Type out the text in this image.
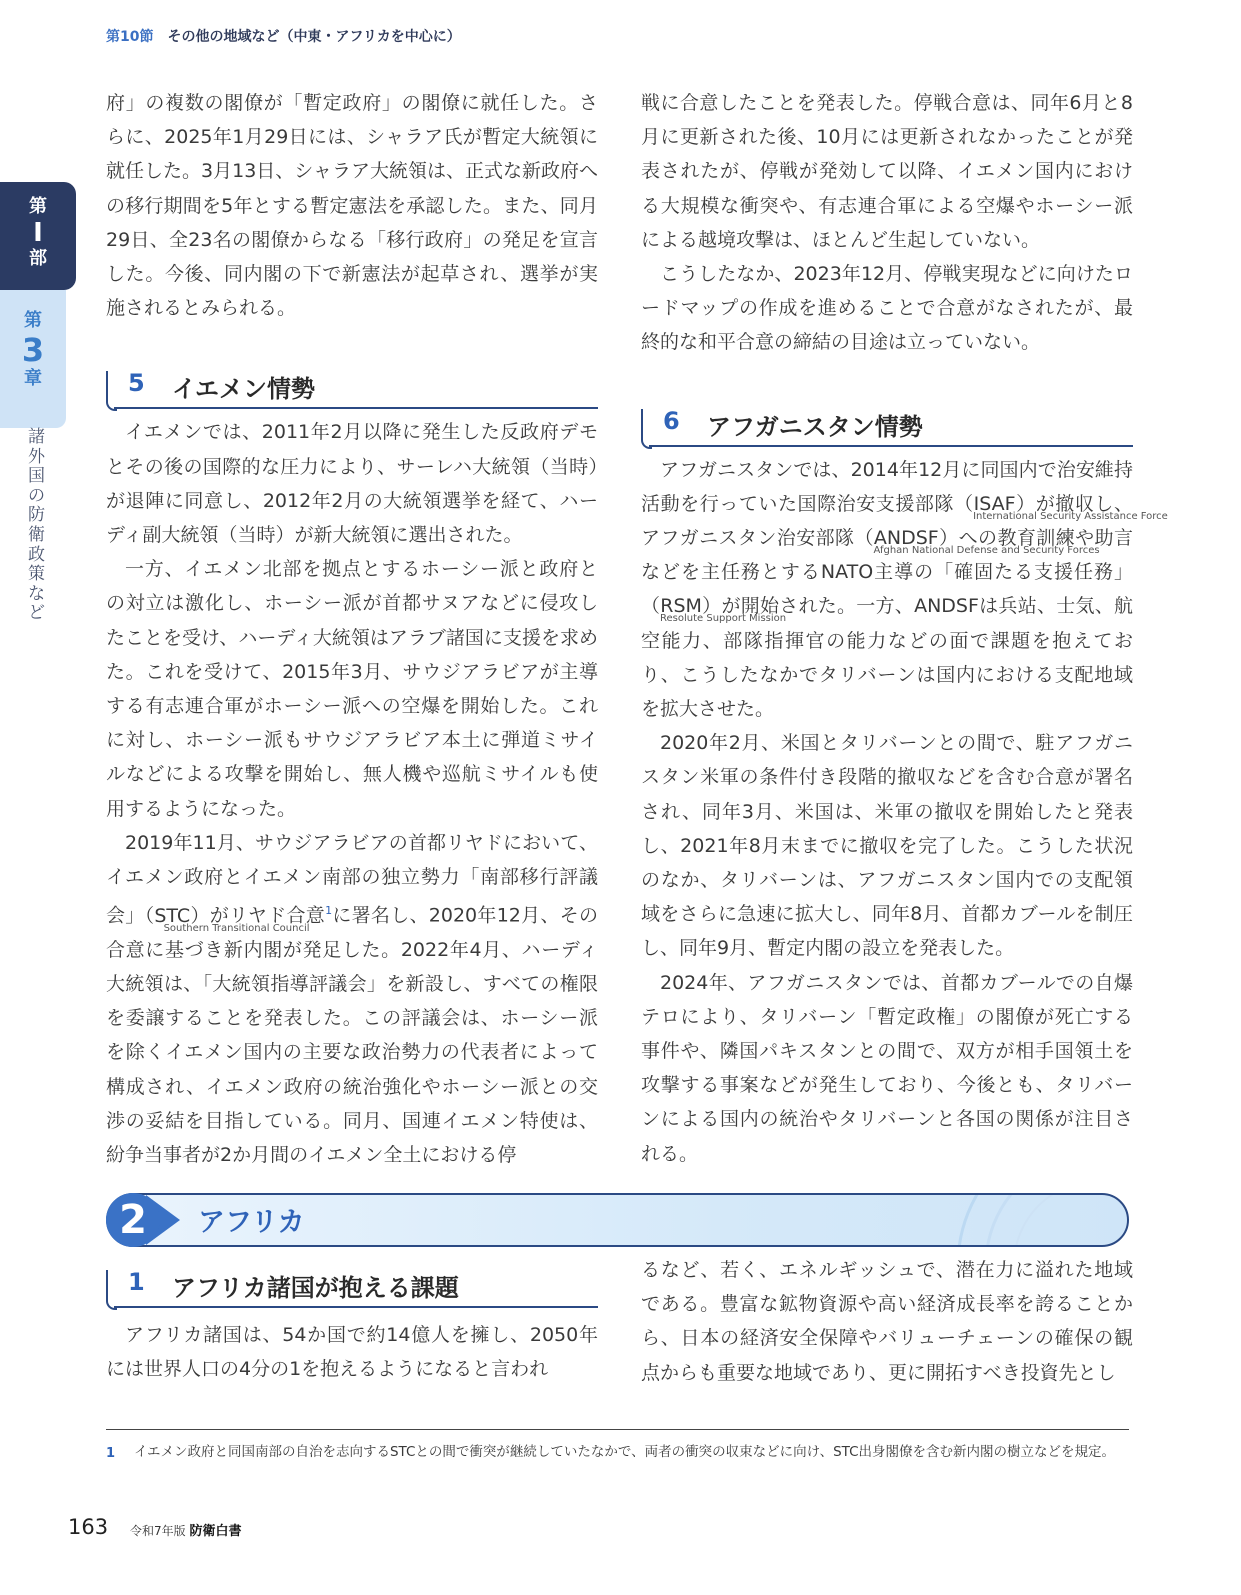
第10節 その他の地域など（中東・アフリカを中心に）
第
Ⅰ
部
第
3
章
諸外国の防衛政策など

府」の複数の閣僚が「暫定政府」の閣僚に就任した。さらに、2025年1月29日には、シャラア氏が暫定大統領に就任した。3月13日、シャラア大統領は、正式な新政府への移行期間を5年とする暫定憲法を承認した。また、同月29日、全23名の閣僚からなる「移行政府」の発足を宣言した。今後、同内閣の下で新憲法が起草され、選挙が実施されるとみられる。

5 イエメン情勢

イエメンでは、2011年2月以降に発生した反政府デモとその後の国際的な圧力により、サーレハ大統領（当時）が退陣に同意し、2012年2月の大統領選挙を経て、ハーディ副大統領（当時）が新大統領に選出された。

一方、イエメン北部を拠点とするホーシー派と政府との対立は激化し、ホーシー派が首都サヌアなどに侵攻したことを受け、ハーディ大統領はアラブ諸国に支援を求めた。これを受けて、2015年3月、サウジアラビアが主導する有志連合軍がホーシー派への空爆を開始した。これに対し、ホーシー派もサウジアラビア本土に弾道ミサイルなどによる攻撃を開始し、無人機や巡航ミサイルも使用するようになった。

2019年11月、サウジアラビアの首都リヤドにおいて、イエメン政府とイエメン南部の独立勢力「南部移行評議会」（STC）
Southern Transitional Council
がリヤド合意$^1$に署名し、2020年12月、その合意に基づき新内閣が発足した。2022年4月、ハーディ大統領は、「大統領指導評議会」を新設し、すべての権限を委譲することを発表した。この評議会は、ホーシー派を除くイエメン国内の主要な政治勢力の代表者によって構成され、イエメン政府の統治強化やホーシー派との交渉の妥結を目指している。同月、国連イエメン特使は、紛争当事者が2か月間のイエメン全土における停

戦に合意したことを発表した。停戦合意は、同年6月と8月に更新された後、10月には更新されなかったことが発表されたが、停戦が発効して以降、イエメン国内における大規模な衝突や、有志連合軍による空爆やホーシー派による越境攻撃は、ほとんど生起していない。

こうしたなか、2023年12月、停戦実現などに向けたロードマップの作成を進めることで合意がなされたが、最終的な和平合意の締結の目途は立っていない。

6 アフガニスタン情勢

アフガニスタンでは、2014年12月に同国内で治安維持活動を行っていた国際治安支援部隊（ISAF）
International Security Assistance Force
が撤収し、アフガニスタン治安部隊（ANDSF）
Afghan National Defense and Security Forces
への教育訓練や助言などを主任務とするNATO主導の「確固たる支援任務」（RSM）
Resolute Support Mission
が開始された。一方、ANDSFは兵站、士気、航空能力、部隊指揮官の能力などの面で課題を抱えており、こうしたなかでタリバーンは国内における支配地域を拡大させた。

2020年2月、米国とタリバーンとの間で、駐アフガニスタン米軍の条件付き段階的撤収などを含む合意が署名され、同年3月、米国は、米軍の撤収を開始したと発表し、2021年8月末までに撤収を完了した。こうした状況のなか、タリバーンは、アフガニスタン国内での支配領域をさらに急速に拡大し、同年8月、首都カブールを制圧し、同年9月、暫定内閣の設立を発表した。

2024年、アフガニスタンでは、首都カブールでの自爆テロにより、タリバーン「暫定政権」の閣僚が死亡する事件や、隣国パキスタンとの間で、双方が相手国領土を攻撃する事案などが発生しており、今後とも、タリバーンによる国内の統治やタリバーンと各国の関係が注目される。

2	アフリカ
1 アフリカ諸国が抱える課題

アフリカ諸国は、54か国で約14億人を擁し、2050年には世界人口の4分の1を抱えるようになると言われ

るなど、若く、エネルギッシュで、潜在力に溢れた地域である。豊富な鉱物資源や高い経済成長率を誇ることから、日本の経済安全保障やバリューチェーンの確保の観点からも重要な地域であり、更に開拓すべき投資先とし

1 イエメン政府と同国南部の自治を志向するSTCとの間で衝突が継続していたなかで、両者の衝突の収束などに向け、STC出身閣僚を含む新内閣の樹立などを規定。
163 令和7年版 防衛白書
